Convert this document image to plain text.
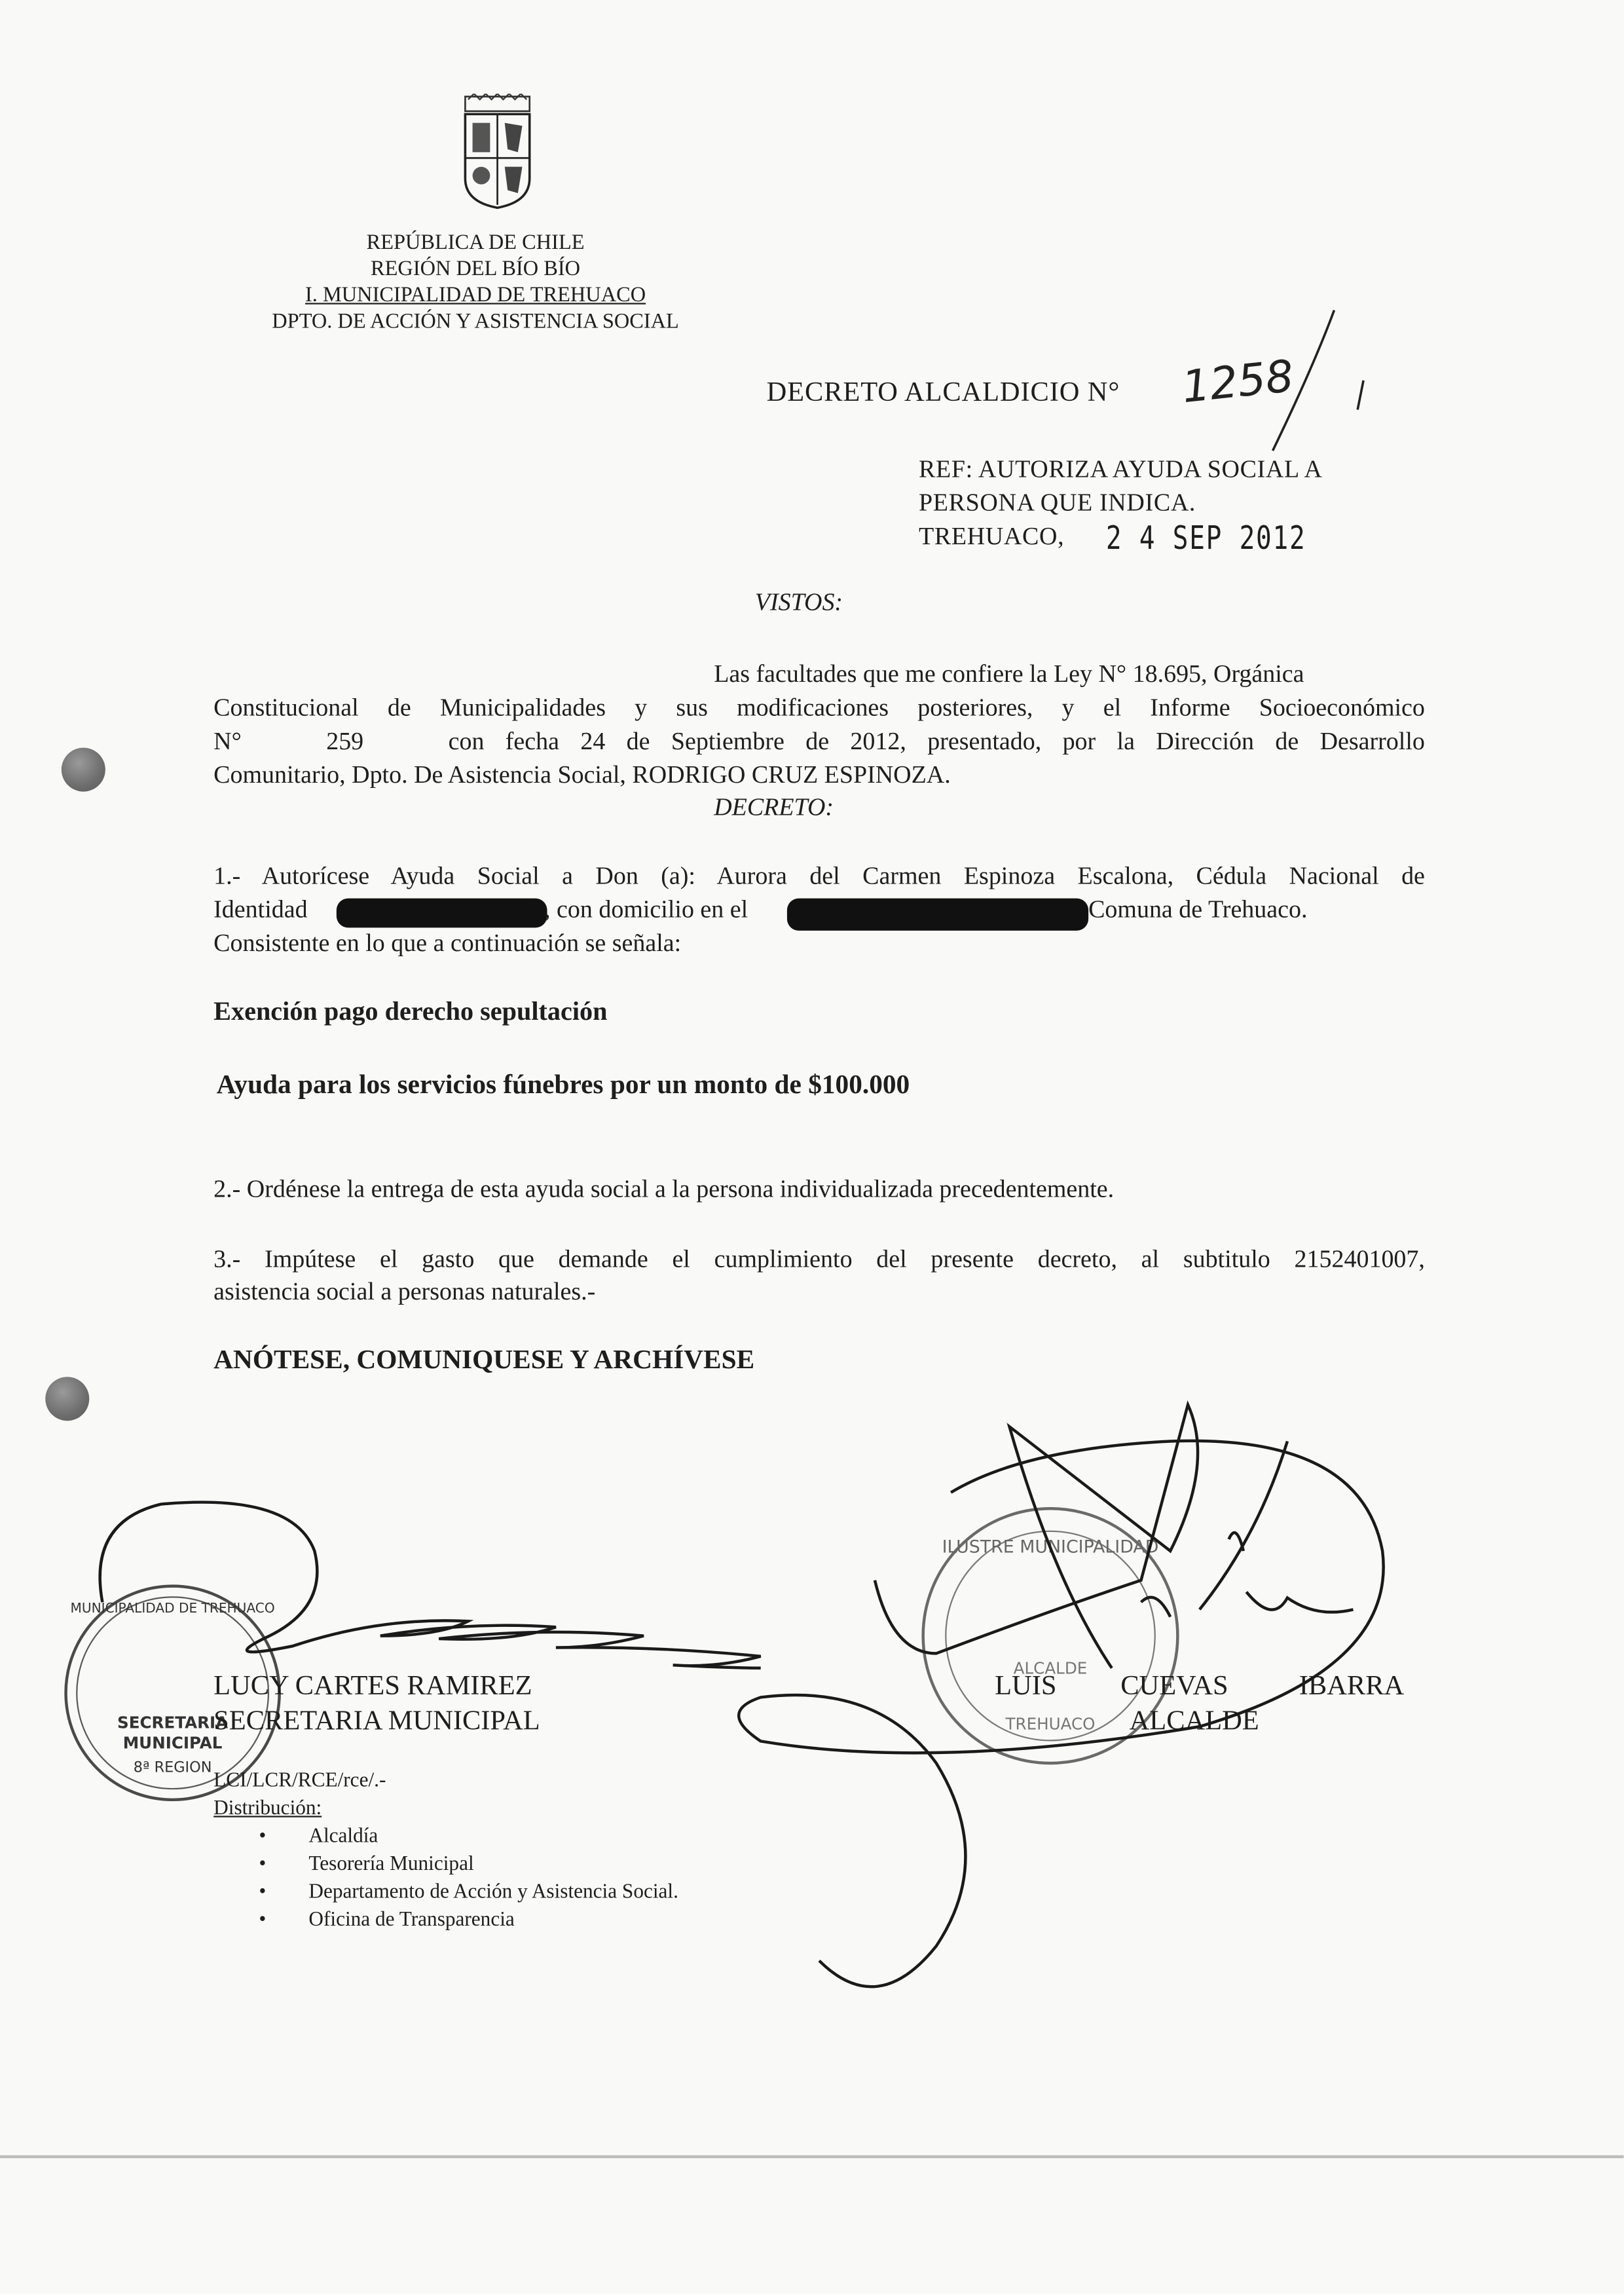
REPÚBLICA DE CHILE
REGIÓN DEL BÍO BÍO
I. MUNICIPALIDAD DE TREHUACO
DPTO. DE ACCIÓN Y ASISTENCIA SOCIAL
DECRETO ALCALDICIO N°	1258
REF: AUTORIZA AYUDA SOCIAL A
PERSONA QUE INDICA.
TREHUACO,	2 4 SEP 2012
VISTOS:
Las facultades que me confiere la Ley N° 18.695, Orgánica
Constitucional de Municipalidades y sus modificaciones posteriores, y el Informe Socioeconómico
N°    259    con fecha 24 de Septiembre de 2012, presentado, por la Dirección de Desarrollo
Comunitario, Dpto. De Asistencia Social, RODRIGO CRUZ ESPINOZA.
DECRETO:
1.- Autorícese Ayuda Social a Don (a): Aurora del Carmen Espinoza Escalona, Cédula Nacional de
Identidad	, con domicilio en el	Comuna de Trehuaco.
Consistente en lo que a continuación se señala:
Exención pago derecho sepultación
Ayuda para los servicios fúnebres por un monto de $100.000
2.- Ordénese la entrega de esta ayuda social a la persona individualizada precedentemente.
3.- Impútese el gasto que demande el cumplimiento del presente decreto, al subtitulo 2152401007,
asistencia social a personas naturales.-
ANÓTESE, COMUNIQUESE Y ARCHÍVESE
MUNICIPALIDAD DE TREHUACO
SECRETARIA
MUNICIPAL
8ª REGION
ILUSTRE MUNICIPALIDAD
ALCALDE
TREHUACO
LUCY CARTES RAMIREZ
SECRETARIA MUNICIPAL
LUIS	CUEVAS	IBARRA
ALCALDE
LCI/LCR/RCE/rce/.-
Distribución:
• Alcaldía
• Tesorería Municipal
• Departamento de Acción y Asistencia Social.
• Oficina de Transparencia
